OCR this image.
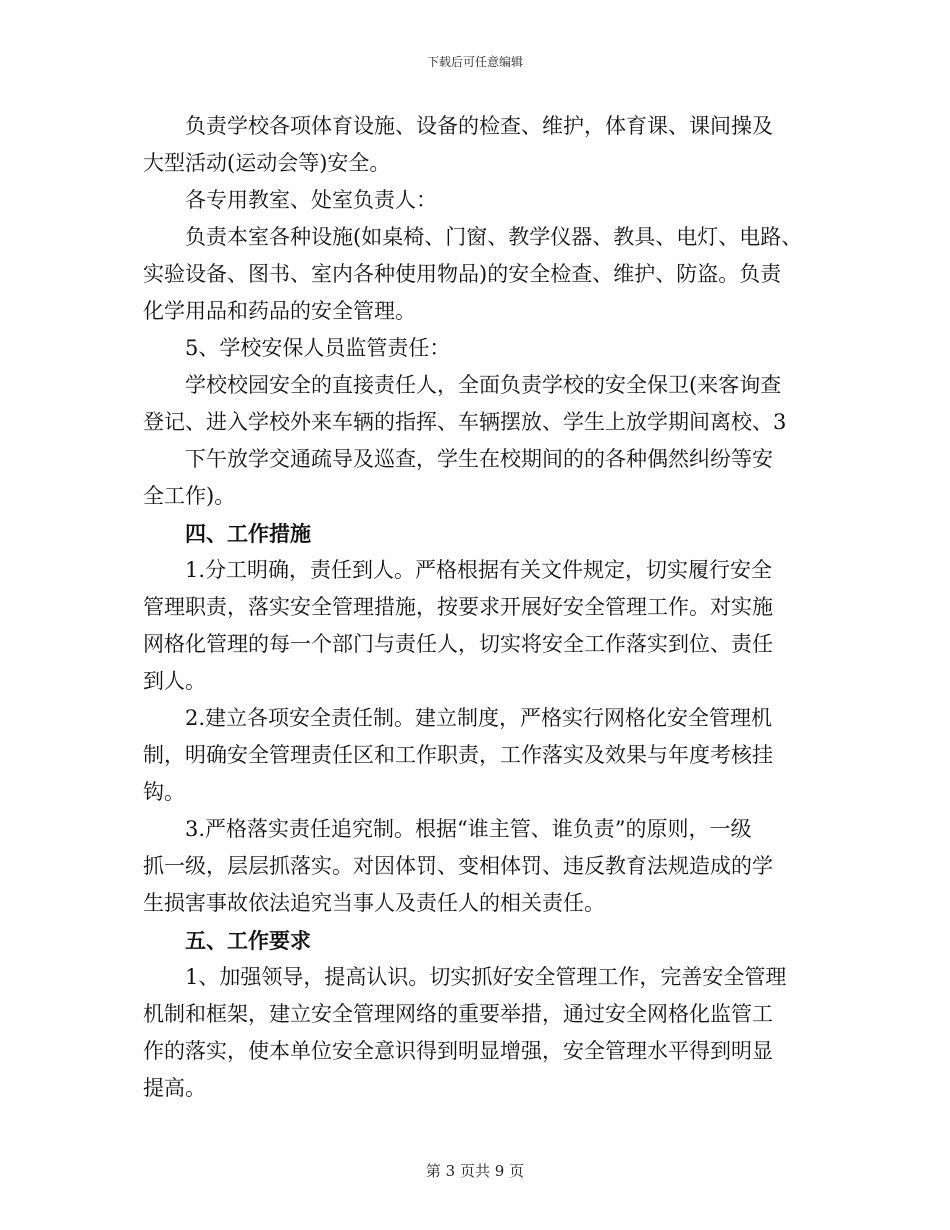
下载后可任意编辑
负责学校各项体育设施、设备的检查、维护，体育课、课间操及
大型活动(运动会等)安全。
各专用教室、处室负责人：
负责本室各种设施(如桌椅、门窗、教学仪器、教具、电灯、电路、
实验设备、图书、室内各种使用物品)的安全检查、维护、防盗。负责
化学用品和药品的安全管理。
5、学校安保人员监管责任：
学校校园安全的直接责任人，全面负责学校的安全保卫(来客询查
登记、进入学校外来车辆的指挥、车辆摆放、学生上放学期间离校、3
下午放学交通疏导及巡查，学生在校期间的的各种偶然纠纷等安
全工作)。
四、工作措施
1.分工明确，责任到人。严格根据有关文件规定，切实履行安全
管理职责，落实安全管理措施，按要求开展好安全管理工作。对实施
网格化管理的每一个部门与责任人，切实将安全工作落实到位、责任
到人。
2.建立各项安全责任制。建立制度，严格实行网格化安全管理机
制，明确安全管理责任区和工作职责，工作落实及效果与年度考核挂
钩。
3.严格落实责任追究制。根据“谁主管、谁负责”的原则，一级
抓一级，层层抓落实。对因体罚、变相体罚、违反教育法规造成的学
生损害事故依法追究当事人及责任人的相关责任。
五、工作要求
1、加强领导，提高认识。切实抓好安全管理工作，完善安全管理
机制和框架，建立安全管理网络的重要举措，通过安全网格化监管工
作的落实，使本单位安全意识得到明显增强，安全管理水平得到明显
提高。
第 3 页共 9 页
